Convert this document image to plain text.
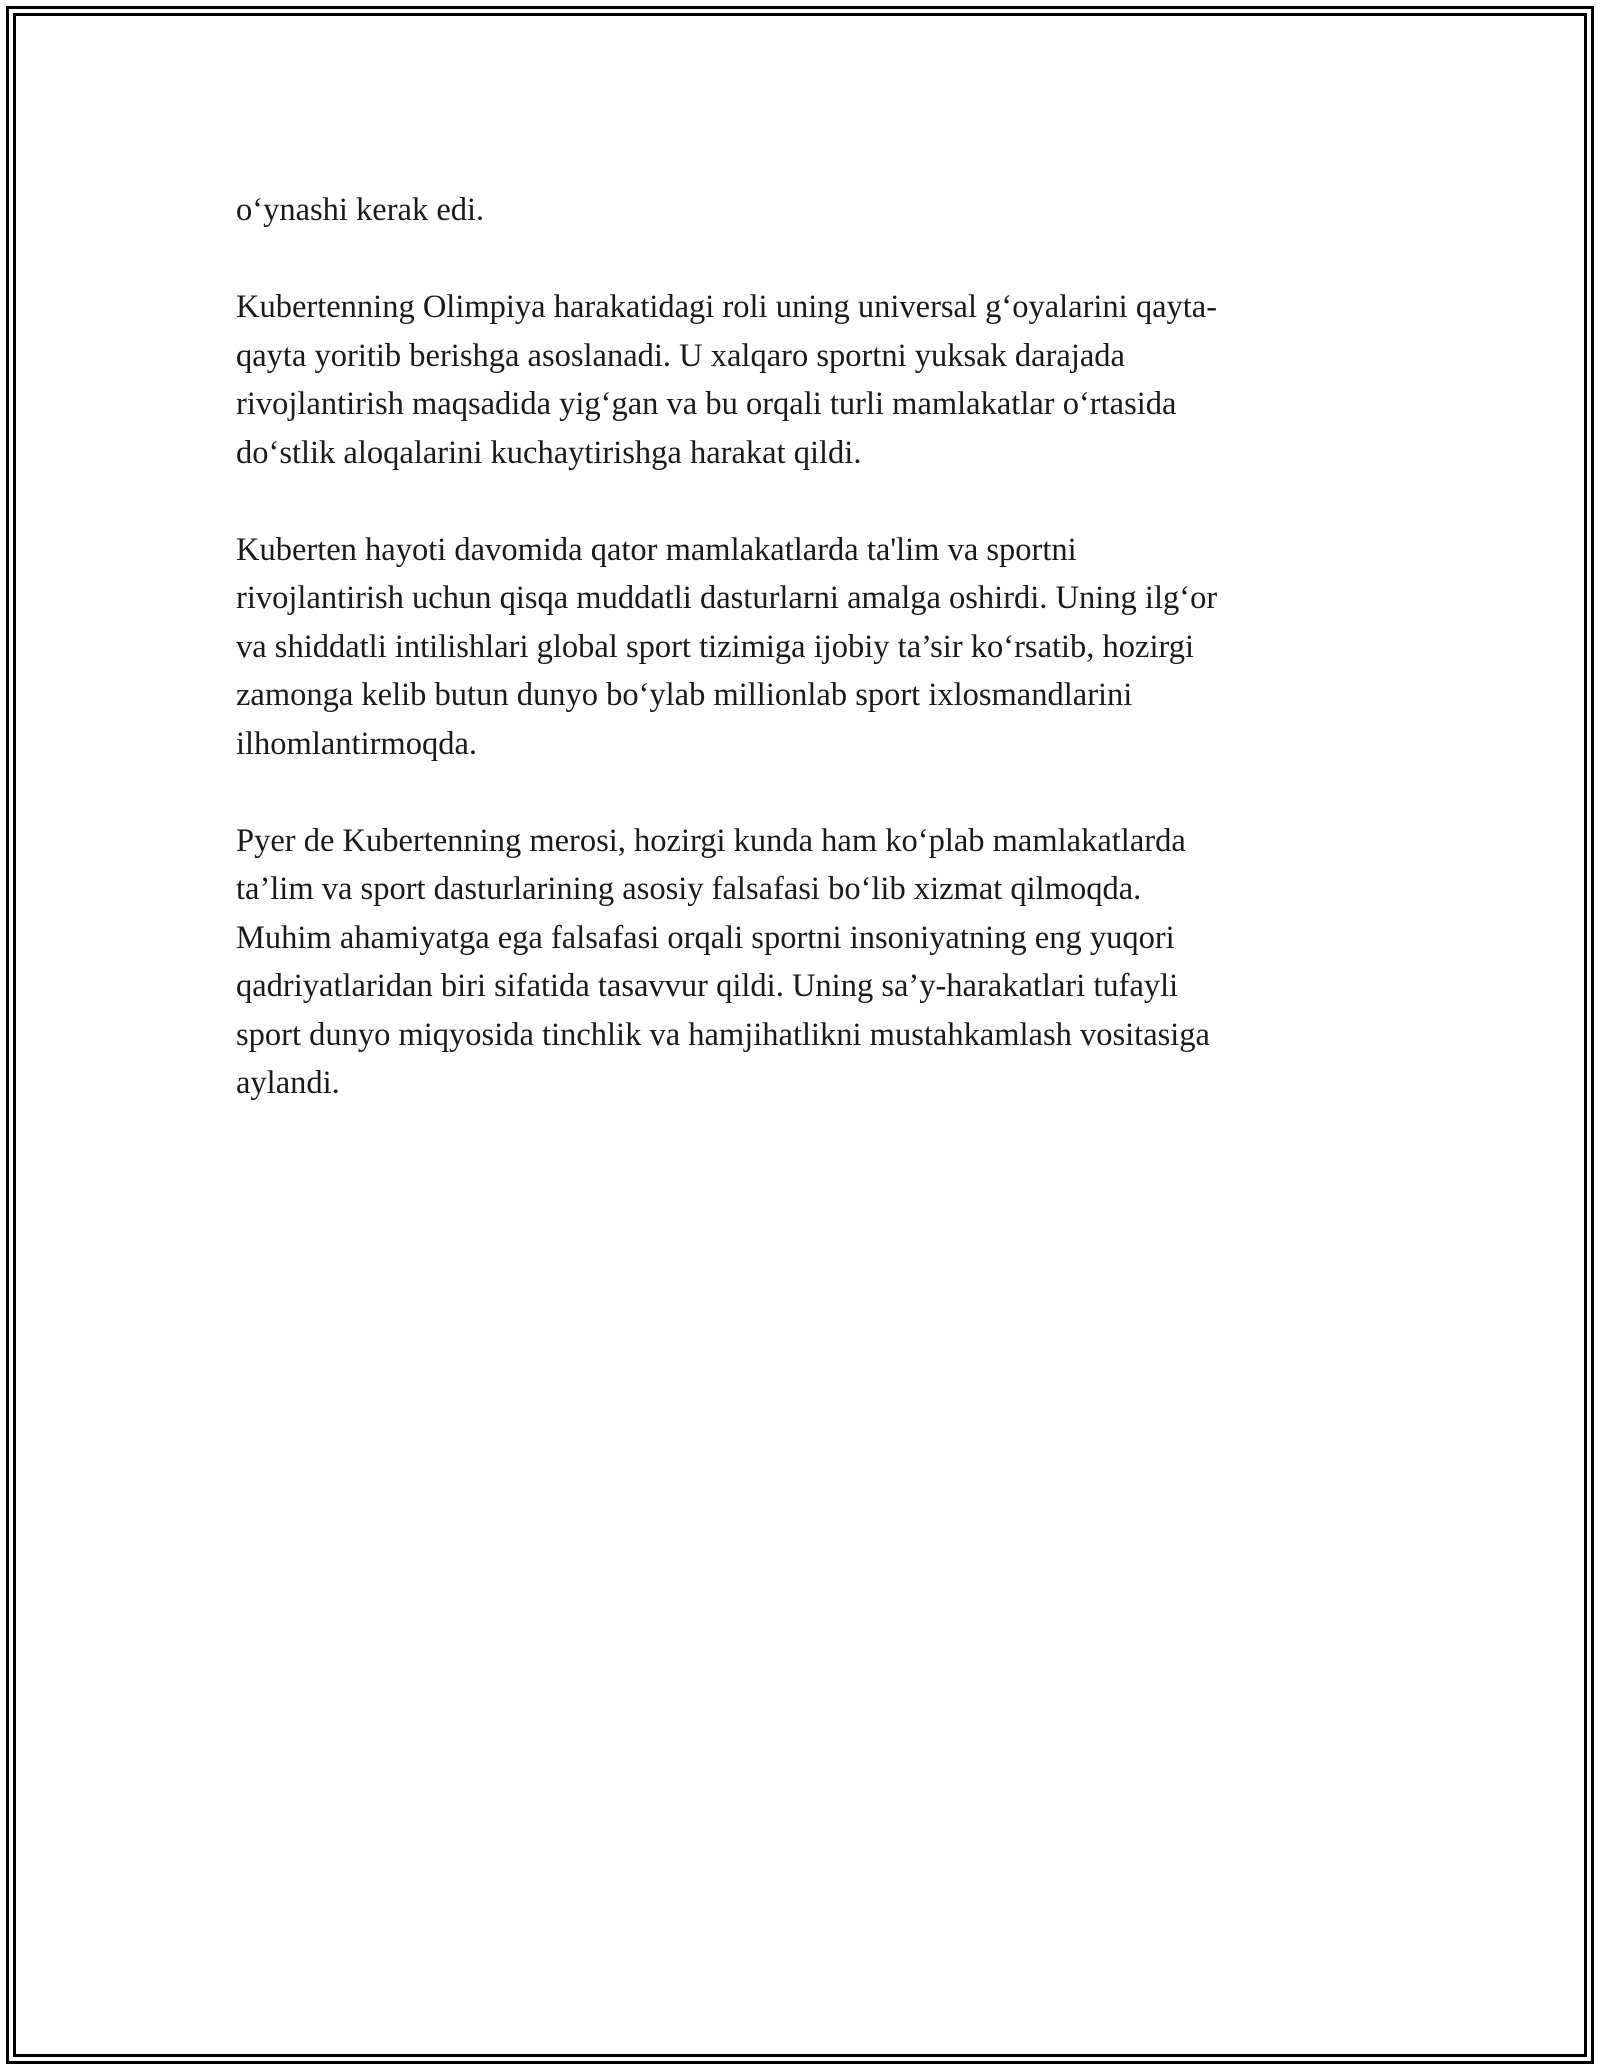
o‘ynashi kerak edi.

Kubertenning Olimpiya harakatidagi roli uning universal g‘oyalarini qayta-
qayta yoritib berishga asoslanadi. U xalqaro sportni yuksak darajada
rivojlantirish maqsadida yig‘gan va bu orqali turli mamlakatlar o‘rtasida
do‘stlik aloqalarini kuchaytirishga harakat qildi.

Kuberten hayoti davomida qator mamlakatlarda ta'lim va sportni
rivojlantirish uchun qisqa muddatli dasturlarni amalga oshirdi. Uning ilg‘or
va shiddatli intilishlari global sport tizimiga ijobiy ta’sir ko‘rsatib, hozirgi
zamonga kelib butun dunyo bo‘ylab millionlab sport ixlosmandlarini
ilhomlantirmoqda.

Pyer de Kubertenning merosi, hozirgi kunda ham ko‘plab mamlakatlarda
ta’lim va sport dasturlarining asosiy falsafasi bo‘lib xizmat qilmoqda.
Muhim ahamiyatga ega falsafasi orqali sportni insoniyatning eng yuqori
qadriyatlaridan biri sifatida tasavvur qildi. Uning sa’y-harakatlari tufayli
sport dunyo miqyosida tinchlik va hamjihatlikni mustahkamlash vositasiga
aylandi.
